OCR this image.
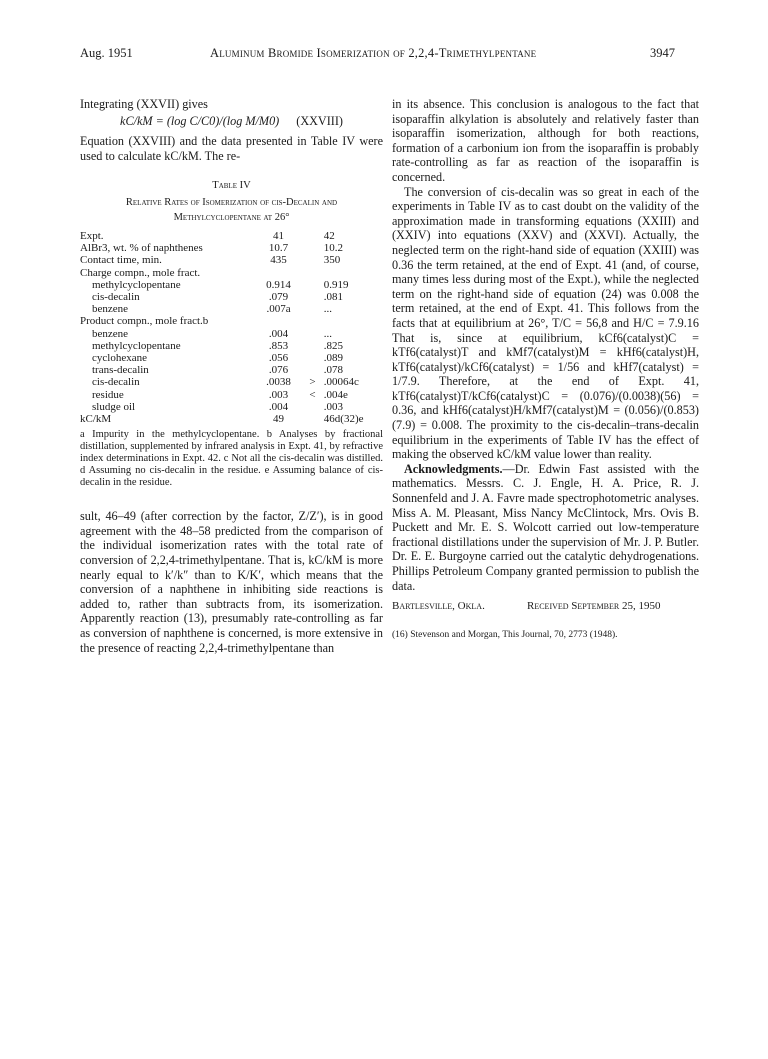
Aug. 1951	Aluminum Bromide Isomerization of 2,2,4-Trimethylpentane	3947

Integrating (XXVII) gives

kC/kM = (log C/C0)/(log M/M0) (XXVIII)

Equation (XXVIII) and the data presented in Table IV were used to calculate kC/kM. The re-

Table IV
Relative Rates of Isomerization of cis-Decalin and
Methylcyclopentane at 26°
Expt.	41		42
AlBr3, wt. % of naphthenes	10.7		10.2
Contact time, min.	435		350
Charge compn., mole fract.			
methylcyclopentane	0.914		0.919
cis-decalin	.079		.081
benzene	.007a		...
Product compn., mole fract.b			
benzene	.004		...
methylcyclopentane	.853		.825
cyclohexane	.056		.089
trans-decalin	.076		.078
cis-decalin	.0038	>	.00064c
residue	.003	<	.004e
sludge oil	.004		.003
kC/kM	49		46d(32)e
a Impurity in the methylcyclopentane. b Analyses by fractional distillation, supplemented by infrared analysis in Expt. 41, by refractive index determinations in Expt. 42. c Not all the cis-decalin was distilled. d Assuming no cis-decalin in the residue. e Assuming balance of cis-decalin in the residue.

sult, 46–49 (after correction by the factor, Z/Z′), is in good agreement with the 48–58 predicted from the comparison of the individual isomerization rates with the total rate of conversion of 2,2,4-trimethylpentane. That is, kC/kM is more nearly equal to k′/k″ than to K/K′, which means that the conversion of a naphthene in inhibiting side reactions is added to, rather than subtracts from, its isomerization. Apparently reaction (13), presumably rate-controlling as far as conversion of naphthene is concerned, is more extensive in the presence of reacting 2,2,4-trimethylpentane than

in its absence. This conclusion is analogous to the fact that isoparaffin alkylation is absolutely and relatively faster than isoparaffin isomerization, although for both reactions, formation of a carbonium ion from the isoparaffin is probably rate-controlling as far as reaction of the isoparaffin is concerned.

The conversion of cis-decalin was so great in each of the experiments in Table IV as to cast doubt on the validity of the approximation made in transforming equations (XXIII) and (XXIV) into equations (XXV) and (XXVI). Actually, the neglected term on the right-hand side of equation (XXIII) was 0.36 the term retained, at the end of Expt. 41 (and, of course, many times less during most of the Expt.), while the neglected term on the right-hand side of equation (24) was 0.008 the term retained, at the end of Expt. 41. This follows from the facts that at equilibrium at 26°, T/C = 56,8 and H/C = 7.9.16 That is, since at equilibrium, kCf6(catalyst)C = kTf6(catalyst)T and kMf7(catalyst)M = kHf6(catalyst)H, kTf6(catalyst)/kCf6(catalyst) = 1/56 and kHf7(catalyst) = 1/7.9. Therefore, at the end of Expt. 41, kTf6(catalyst)T/kCf6(catalyst)C = (0.076)/(0.0038)(56) = 0.36, and kHf6(catalyst)H/kMf7(catalyst)M = (0.056)/(0.853)(7.9) = 0.008. The proximity to the cis-decalin–trans-decalin equilibrium in the experiments of Table IV has the effect of making the observed kC/kM value lower than reality.

Acknowledgments.—Dr. Edwin Fast assisted with the mathematics. Messrs. C. J. Engle, H. A. Price, R. J. Sonnenfeld and J. A. Favre made spectrophotometric analyses. Miss A. M. Pleasant, Miss Nancy McClintock, Mrs. Ovis B. Puckett and Mr. E. S. Wolcott carried out low-temperature fractional distillations under the supervision of Mr. J. P. Butler. Dr. E. E. Burgoyne carried out the catalytic dehydrogenations. Phillips Petroleum Company granted permission to publish the data.

Bartlesville, Okla.	Received September 25, 1950
(16) Stevenson and Morgan, This Journal, 70, 2773 (1948).
